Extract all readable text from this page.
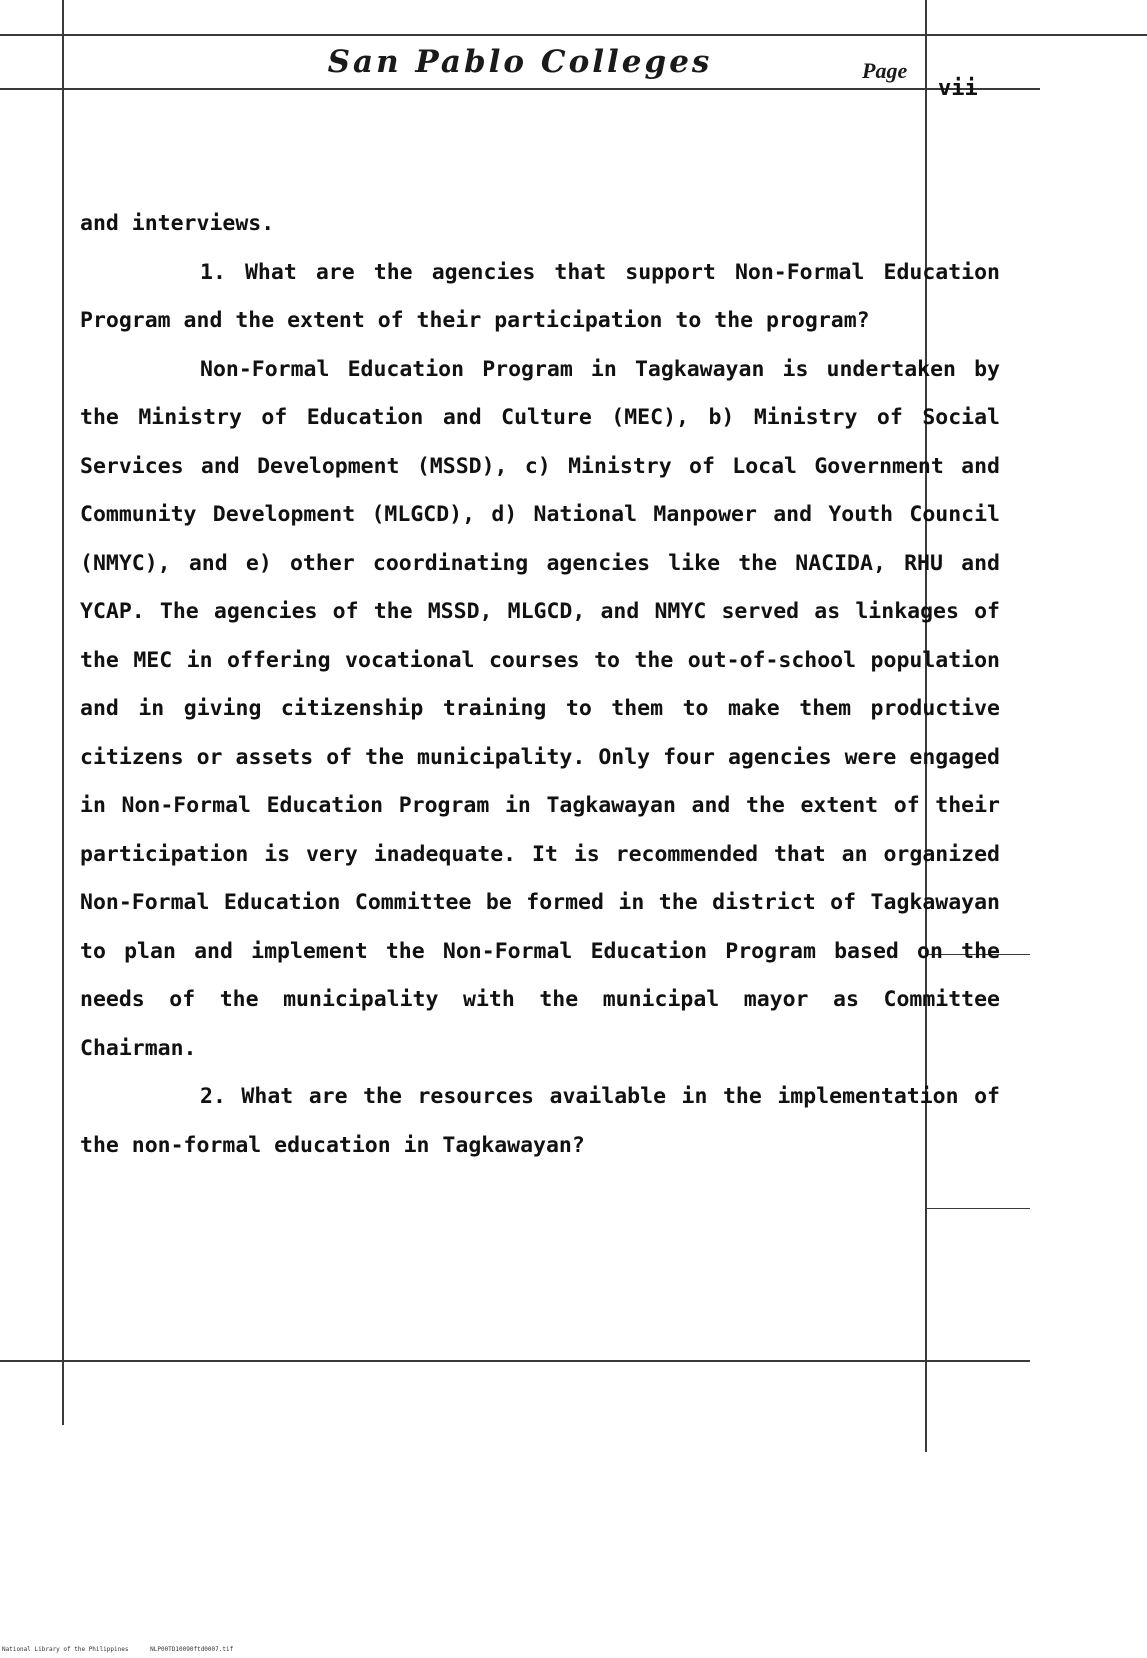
San Pablo Colleges	Page
vii

and interviews.

1. What are the agencies that support Non-Formal Education Program and the extent of their participation to the program?

Non-Formal Education Program in Tagkawayan is undertaken by the Ministry of Education and Culture (MEC), b) Ministry of Social Services and Development (MSSD), c) Ministry of Local Government and Community Development (MLGCD), d) National Manpower and Youth Council (NMYC), and e) other coordinating agencies like the NACIDA, RHU and YCAP. The agencies of the MSSD, MLGCD, and NMYC served as linkages of the MEC in offering vocational courses to the out-of-school population and in giving citizenship training to them to make them productive citizens or assets of the municipality. Only four agencies were engaged in Non-Formal Education Program in Tagkawayan and the extent of their participation is very inadequate. It is recommended that an organized Non-Formal Education Committee be formed in the district of Tagkawayan to plan and implement the Non-Formal Education Program based on the needs of the municipality with the municipal mayor as Committee Chairman.

2. What are the resources available in the implementation of the non-formal education in Tagkawayan?

National Library of the Philippines	NLP00TD10090ftd0007.tif
